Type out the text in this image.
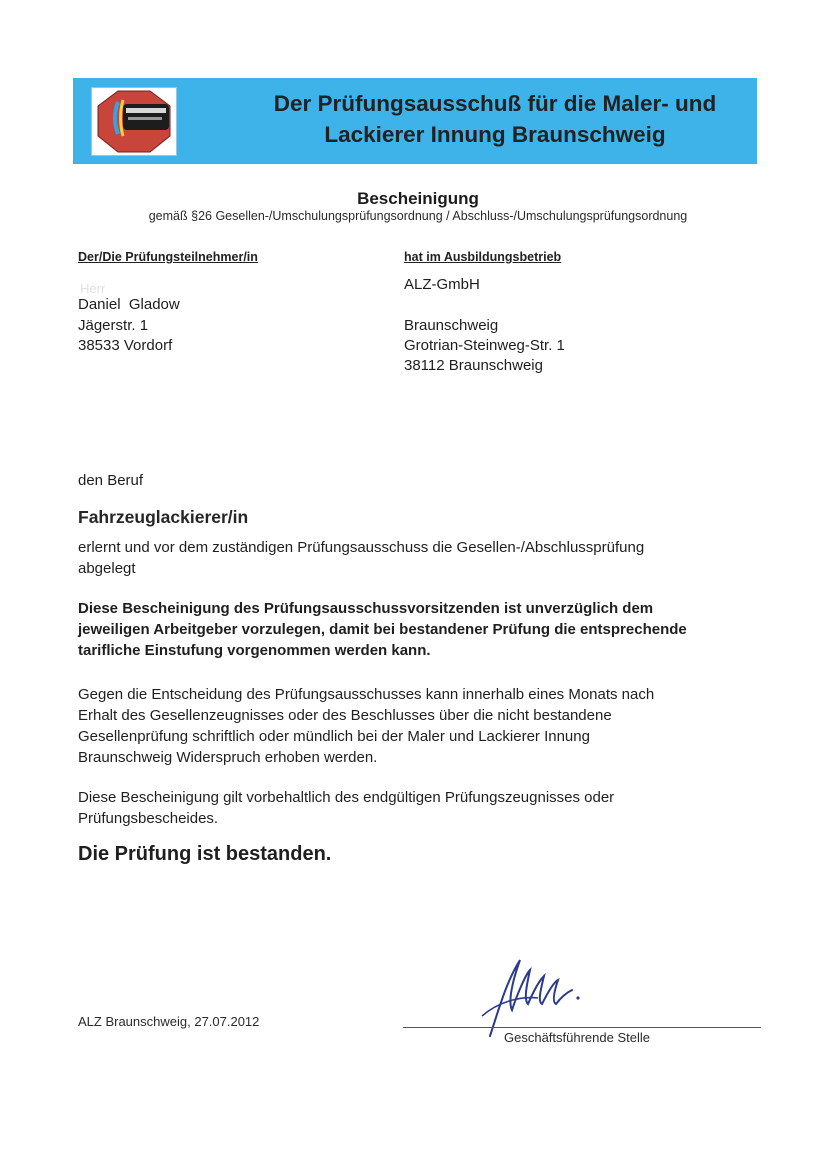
Der Prüfungsausschuß für die Maler- und
Lackierer Innung Braunschweig
Bescheinigung
gemäß §26 Gesellen-/Umschulungsprüfungsordnung / Abschluss-/Umschulungsprüfungsordnung
Der/Die Prüfungsteilnehmer/in
Herr
Daniel  Gladow
Jägerstr. 1
38533 Vordorf
hat im Ausbildungsbetrieb
ALZ-GmbH
Braunschweig
Grotrian-Steinweg-Str. 1
38112 Braunschweig
den Beruf
Fahrzeuglackierer/in
erlernt und vor dem zuständigen Prüfungsausschuss die Gesellen-/Abschlussprüfung
abgelegt
Diese Bescheinigung des Prüfungsausschussvorsitzenden ist unverzüglich dem
jeweiligen Arbeitgeber vorzulegen, damit bei bestandener Prüfung die entsprechende
tarifliche Einstufung vorgenommen werden kann.
Gegen die Entscheidung des Prüfungsausschusses kann innerhalb eines Monats nach
Erhalt des Gesellenzeugnisses oder des Beschlusses über die nicht bestandene
Gesellenprüfung schriftlich oder mündlich bei der Maler und Lackierer Innung
Braunschweig Widerspruch erhoben werden.
Diese Bescheinigung gilt vorbehaltlich des endgültigen Prüfungszeugnisses oder
Prüfungsbescheides.
Die Prüfung ist bestanden.
ALZ Braunschweig, 27.07.2012
Geschäftsführende Stelle
